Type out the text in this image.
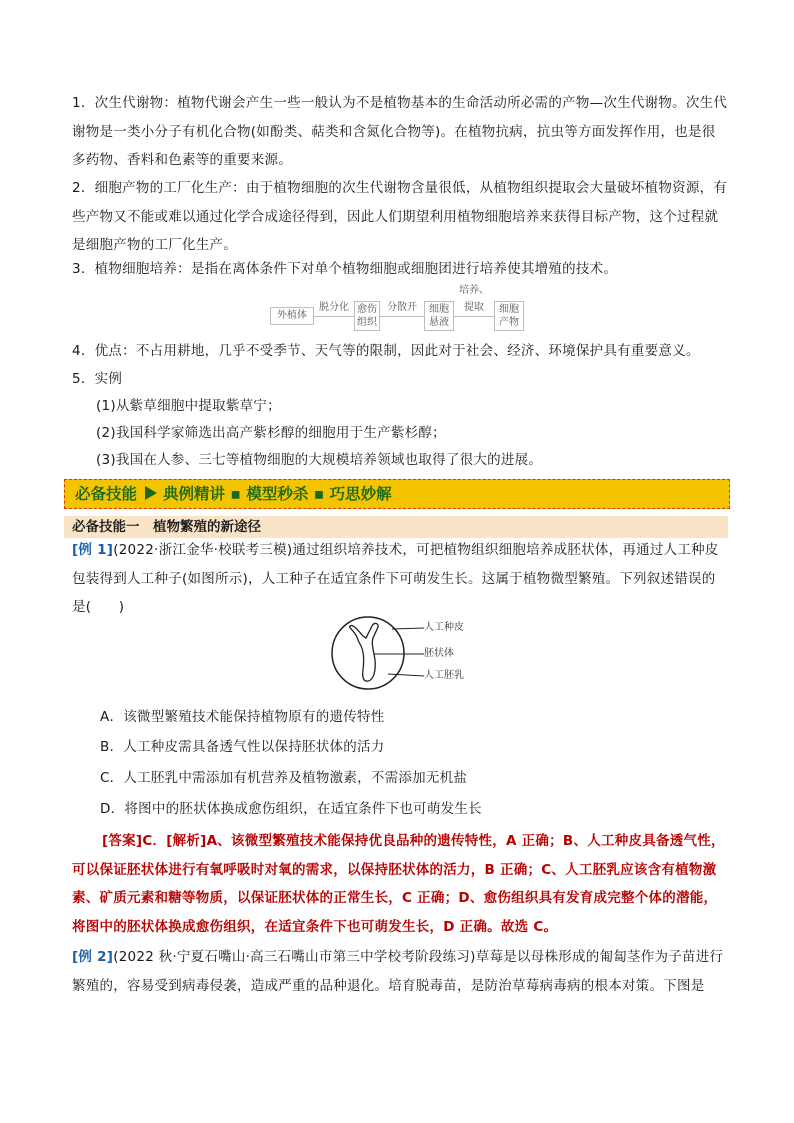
1．次生代谢物：植物代谢会产生一些一般认为不是植物基本的生命活动所必需的产物—次生代谢物。次生代谢物是一类小分子有机化合物(如酚类、萜类和含氮化合物等)。在植物抗病，抗虫等方面发挥作用，也是很多药物、香料和色素等的重要来源。

2．细胞产物的工厂化生产：由于植物细胞的次生代谢物含量很低，从植物组织提取会大量破坏植物资源，有些产物又不能或难以通过化学合成途径得到，因此人们期望利用植物细胞培养来获得目标产物，这个过程就是细胞产物的工厂化生产。

3．植物细胞培养：是指在离体条件下对单个植物细胞或细胞团进行培养使其增殖的技术。

外植体
脱分化 愈伤
组织
分散开	细胞
悬液
培养、
提取	细胞
产物

4．优点：不占用耕地，几乎不受季节、天气等的限制，因此对于社会、经济、环境保护具有重要意义。

5．实例

(1)从紫草细胞中提取紫草宁；

(2)我国科学家筛选出高产紫杉醇的细胞用于生产紫杉醇；

(3)我国在人参、三七等植物细胞的大规模培养领域也取得了很大的进展。

必备技能 典例精讲 ▪ 模型秒杀 ▪ 巧思妙解
必备技能一　植物繁殖的新途径

[例 1](2022·浙江金华·校联考三模)通过组织培养技术，可把植物组织细胞培养成胚状体，再通过人工种皮包装得到人工种子(如图所示)，人工种子在适宜条件下可萌发生长。这属于植物微型繁殖。下列叙述错误的是(　　)

人工种皮
胚状体
人工胚乳

A．该微型繁殖技术能保持植物原有的遗传特性

B．人工种皮需具备透气性以保持胚状体的活力

C．人工胚乳中需添加有机营养及植物激素，不需添加无机盐

D．将图中的胚状体换成愈伤组织，在适宜条件下也可萌发生长

[答案]C．[解析]A、该微型繁殖技术能保持优良品种的遗传特性，A 正确；B、人工种皮具备透气性，可以保证胚状体进行有氧呼吸时对氧的需求，以保持胚状体的活力，B 正确；C、人工胚乳应该含有植物激素、矿质元素和糖等物质，以保证胚状体的正常生长，C 正确；D、愈伤组织具有发育成完整个体的潜能，将图中的胚状体换成愈伤组织，在适宜条件下也可萌发生长，D 正确。故选 C。

[例 2](2022 秋·宁夏石嘴山·高三石嘴山市第三中学校考阶段练习)草莓是以母株形成的匍匐茎作为子苗进行繁殖的，容易受到病毒侵袭，造成严重的品种退化。培育脱毒苗，是防治草莓病毒病的根本对策。下图是
